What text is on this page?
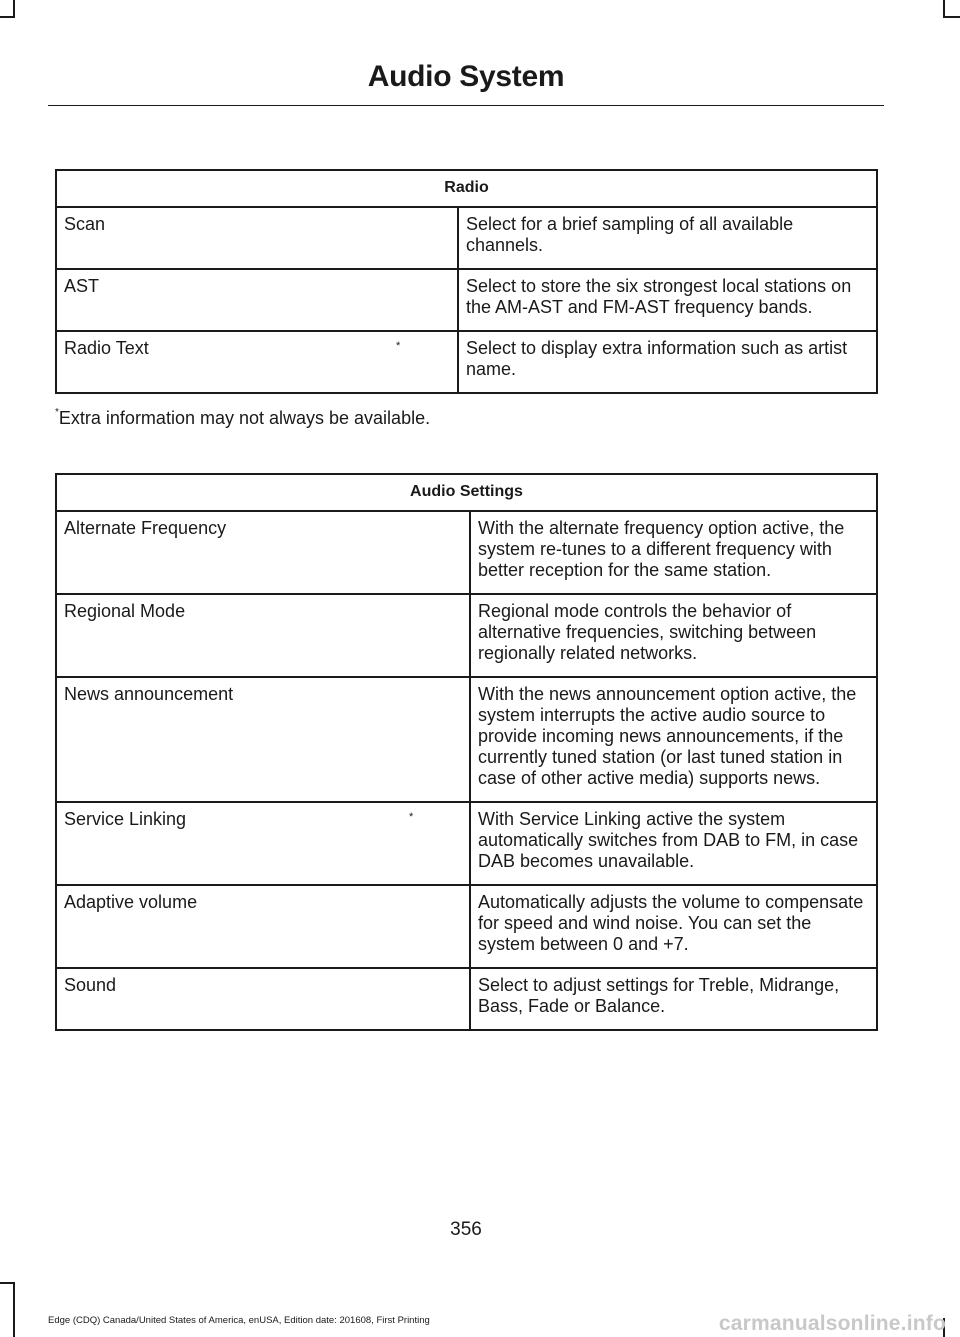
Audio System
Radio	
Scan	Select for a brief sampling of all available channels.
AST	Select to store the six strongest local stations on the AM-AST and FM-AST frequency bands.
Radio Text *	Select to display extra information such as artist name.
*Extra information may not always be available.
Audio Settings	
Alternate Frequency	With the alternate frequency option active, the system re-tunes to a different frequency with better reception for the same station.
Regional Mode	Regional mode controls the behavior of alternative frequencies, switching between regionally related networks.
News announcement	With the news announcement option active, the system interrupts the active audio source to provide incoming news announcements, if the currently tuned station (or last tuned station in case of other active media) supports news.
Service Linking *	With Service Linking active the system automatically switches from DAB to FM, in case DAB becomes unavailable.
Adaptive volume	Automatically adjusts the volume to compensate for speed and wind noise. You can set the system between 0 and +7.
Sound	Select to adjust settings for Treble, Midrange, Bass, Fade or Balance.
356
Edge (CDQ) Canada/United States of America, enUSA, Edition date: 201608, First Printing	carmanualsonline.info
